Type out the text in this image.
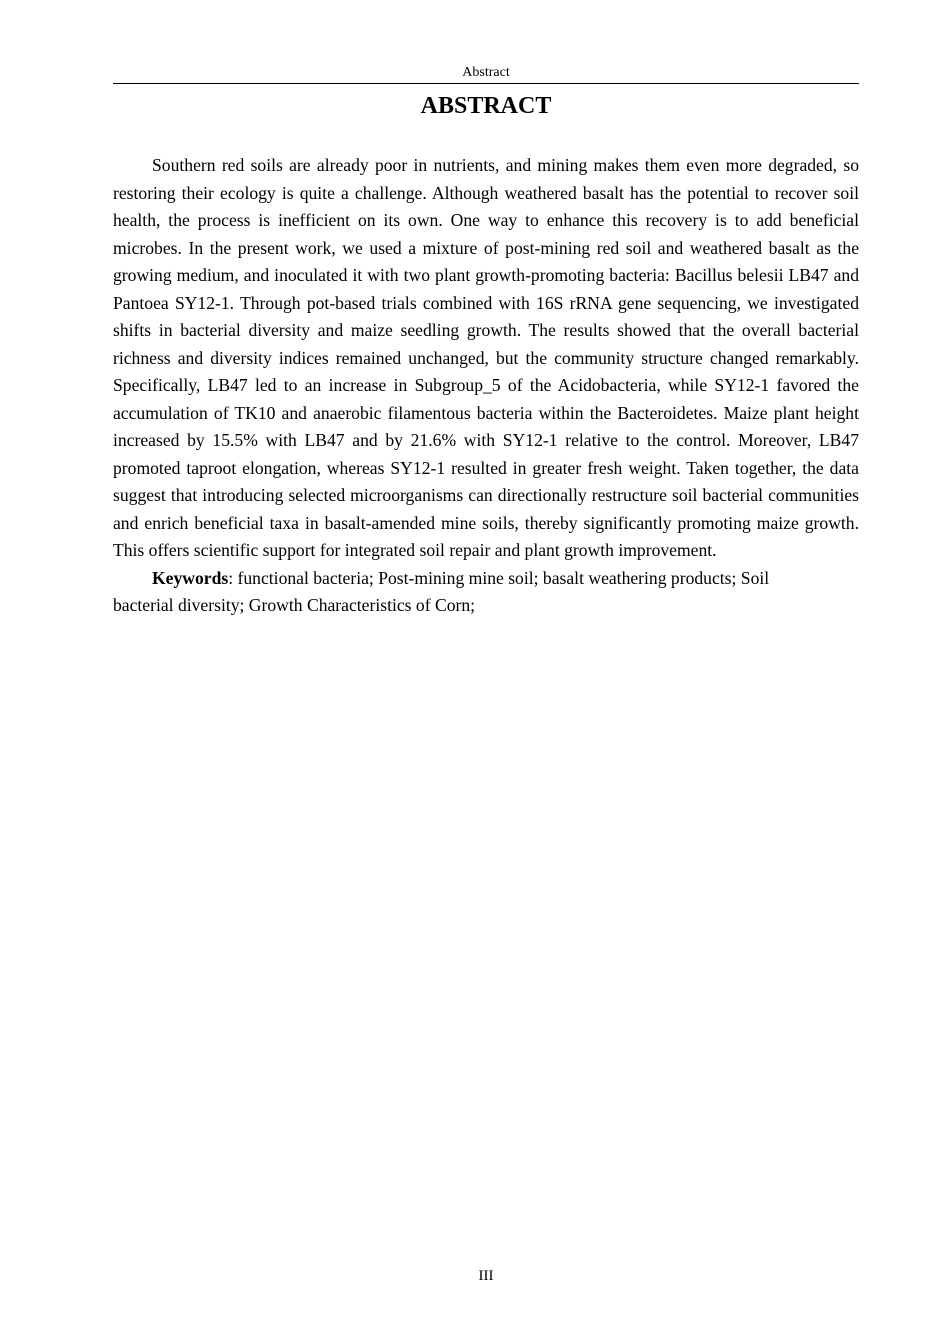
Abstract
ABSTRACT

Southern red soils are already poor in nutrients, and mining makes them even more degraded, so restoring their ecology is quite a challenge. Although weathered basalt has the potential to recover soil health, the process is inefficient on its own. One way to enhance this recovery is to add beneficial microbes. In the present work, we used a mixture of post-mining red soil and weathered basalt as the growing medium, and inoculated it with two plant growth-promoting bacteria: Bacillus belesii LB47 and Pantoea SY12-1. Through pot-based trials combined with 16S rRNA gene sequencing, we investigated shifts in bacterial diversity and maize seedling growth. The results showed that the overall bacterial richness and diversity indices remained unchanged, but the community structure changed remarkably. Specifically, LB47 led to an increase in Subgroup_5 of the Acidobacteria, while SY12-1 favored the accumulation of TK10 and anaerobic filamentous bacteria within the Bacteroidetes. Maize plant height increased by 15.5% with LB47 and by 21.6% with SY12-1 relative to the control. Moreover, LB47 promoted taproot elongation, whereas SY12-1 resulted in greater fresh weight. Taken together, the data suggest that introducing selected microorganisms can directionally restructure soil bacterial communities and enrich beneficial taxa in basalt-amended mine soils, thereby significantly promoting maize growth. This offers scientific support for integrated soil repair and plant growth improvement.

Keywords: functional bacteria; Post-mining mine soil; basalt weathering products; Soil
bacterial diversity; Growth Characteristics of Corn;

III
